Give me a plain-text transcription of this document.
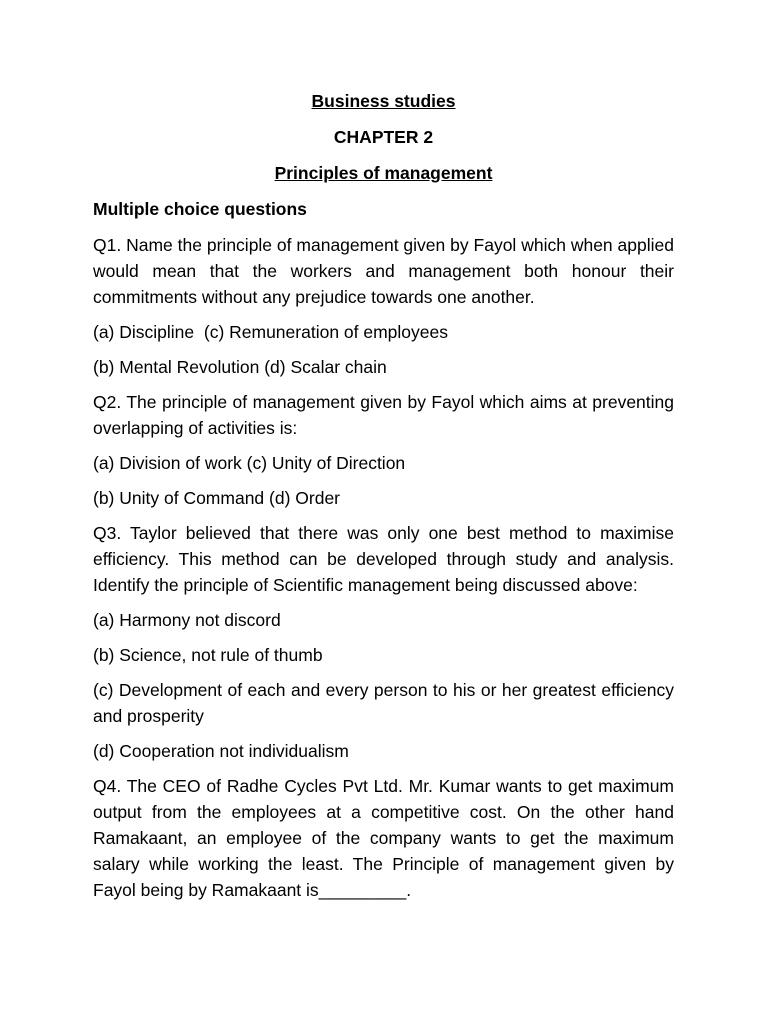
Business studies
CHAPTER 2
Principles of management
Multiple choice questions
Q1. Name the principle of management given by Fayol which when applied would mean that the workers and management both honour their commitments without any prejudice towards one another.
(a) Discipline  (c) Remuneration of employees
(b) Mental Revolution (d) Scalar chain
Q2. The principle of management given by Fayol which aims at preventing overlapping of activities is:
(a) Division of work (c) Unity of Direction
(b) Unity of Command (d) Order
Q3. Taylor believed that there was only one best method to maximise efficiency. This method can be developed through study and analysis. Identify the principle of Scientific management being discussed above:
(a) Harmony not discord
(b) Science, not rule of thumb
(c) Development of each and every person to his or her greatest efficiency and prosperity
(d) Cooperation not individualism
Q4. The CEO of Radhe Cycles Pvt Ltd. Mr. Kumar wants to get maximum output from the employees at a competitive cost. On the other hand Ramakaant, an employee of the company wants to get the maximum salary while working the least. The Principle of management given by Fayol being by Ramakaant is_________.
